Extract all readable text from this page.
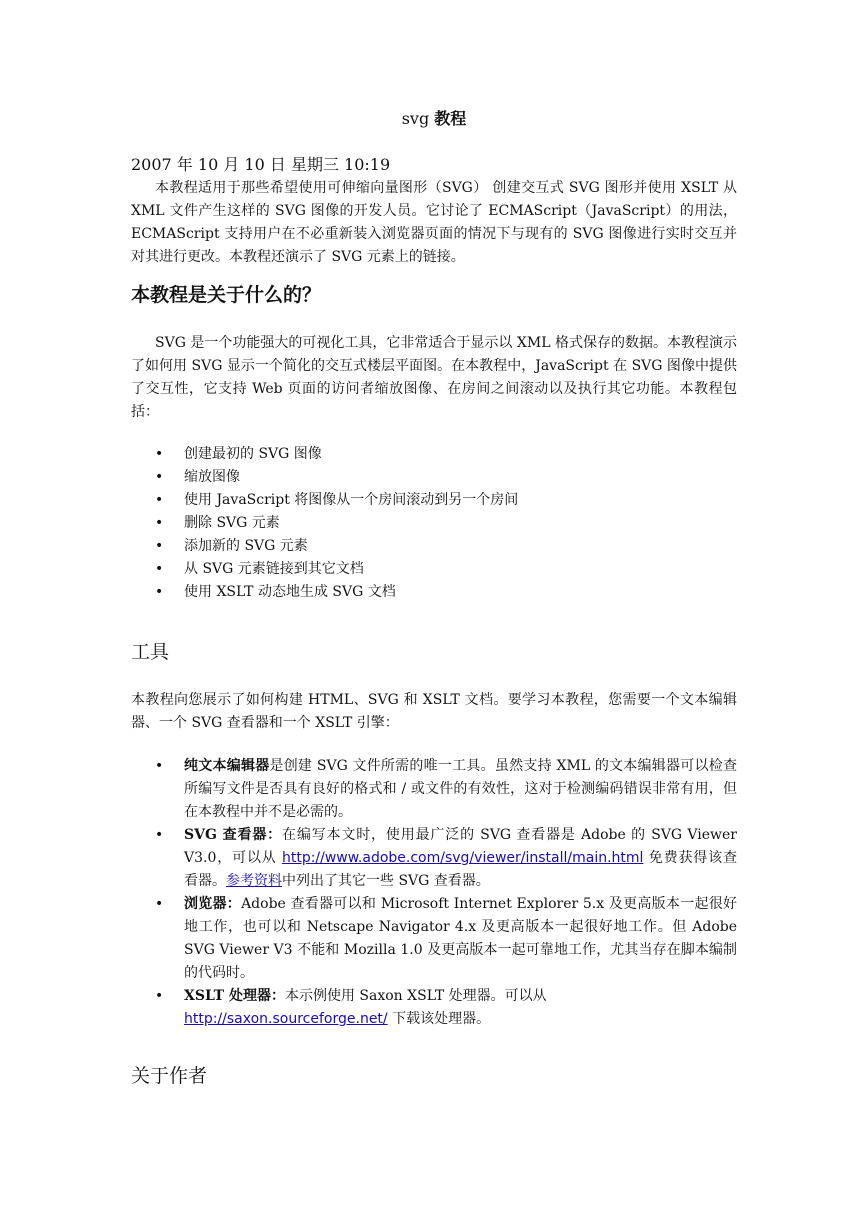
svg 教程
2007 年 10 月 10 日 星期三 10:19
本教程适用于那些希望使用可伸缩向量图形（SVG） 创建交互式 SVG 图形并使用 XSLT 从 XML 文件产生这样的 SVG 图像的开发人员。它讨论了 ECMAScript（JavaScript）的用法，ECMAScript 支持用户在不必重新装入浏览器页面的情况下与现有的 SVG 图像进行实时交互并对其进行更改。本教程还演示了 SVG 元素上的链接。
本教程是关于什么的？
SVG 是一个功能强大的可视化工具，它非常适合于显示以 XML 格式保存的数据。本教程演示了如何用 SVG 显示一个简化的交互式楼层平面图。在本教程中，JavaScript 在 SVG 图像中提供了交互性，它支持 Web 页面的访问者缩放图像、在房间之间滚动以及执行其它功能。本教程包括：
• 创建最初的 SVG 图像
• 缩放图像
• 使用 JavaScript 将图像从一个房间滚动到另一个房间
• 删除 SVG 元素
• 添加新的 SVG 元素
• 从 SVG 元素链接到其它文档
• 使用 XSLT 动态地生成 SVG 文档
工具
本教程向您展示了如何构建 HTML、SVG 和 XSLT 文档。要学习本教程，您需要一个文本编辑器、一个 SVG 查看器和一个 XSLT 引擎：
• 纯文本编辑器是创建 SVG 文件所需的唯一工具。虽然支持 XML 的文本编辑器可以检查所编写文件是否具有良好的格式和 / 或文件的有效性，这对于检测编码错误非常有用，但在本教程中并不是必需的。
• SVG 查看器：在编写本文时，使用最广泛的 SVG 查看器是 Adobe 的 SVG Viewer V3.0，可以从 http://www.adobe.com/svg/viewer/install/main.html 免费获得该查看器。参考资料中列出了其它一些 SVG 查看器。
• 浏览器：Adobe 查看器可以和 Microsoft Internet Explorer 5.x 及更高版本一起很好地工作，也可以和 Netscape Navigator 4.x 及更高版本一起很好地工作。但 Adobe SVG Viewer V3 不能和 Mozilla 1.0 及更高版本一起可靠地工作，尤其当存在脚本编制的代码时。
• XSLT 处理器：本示例使用 Saxon XSLT 处理器。可以从
http://saxon.sourceforge.net/ 下载该处理器。
关于作者
